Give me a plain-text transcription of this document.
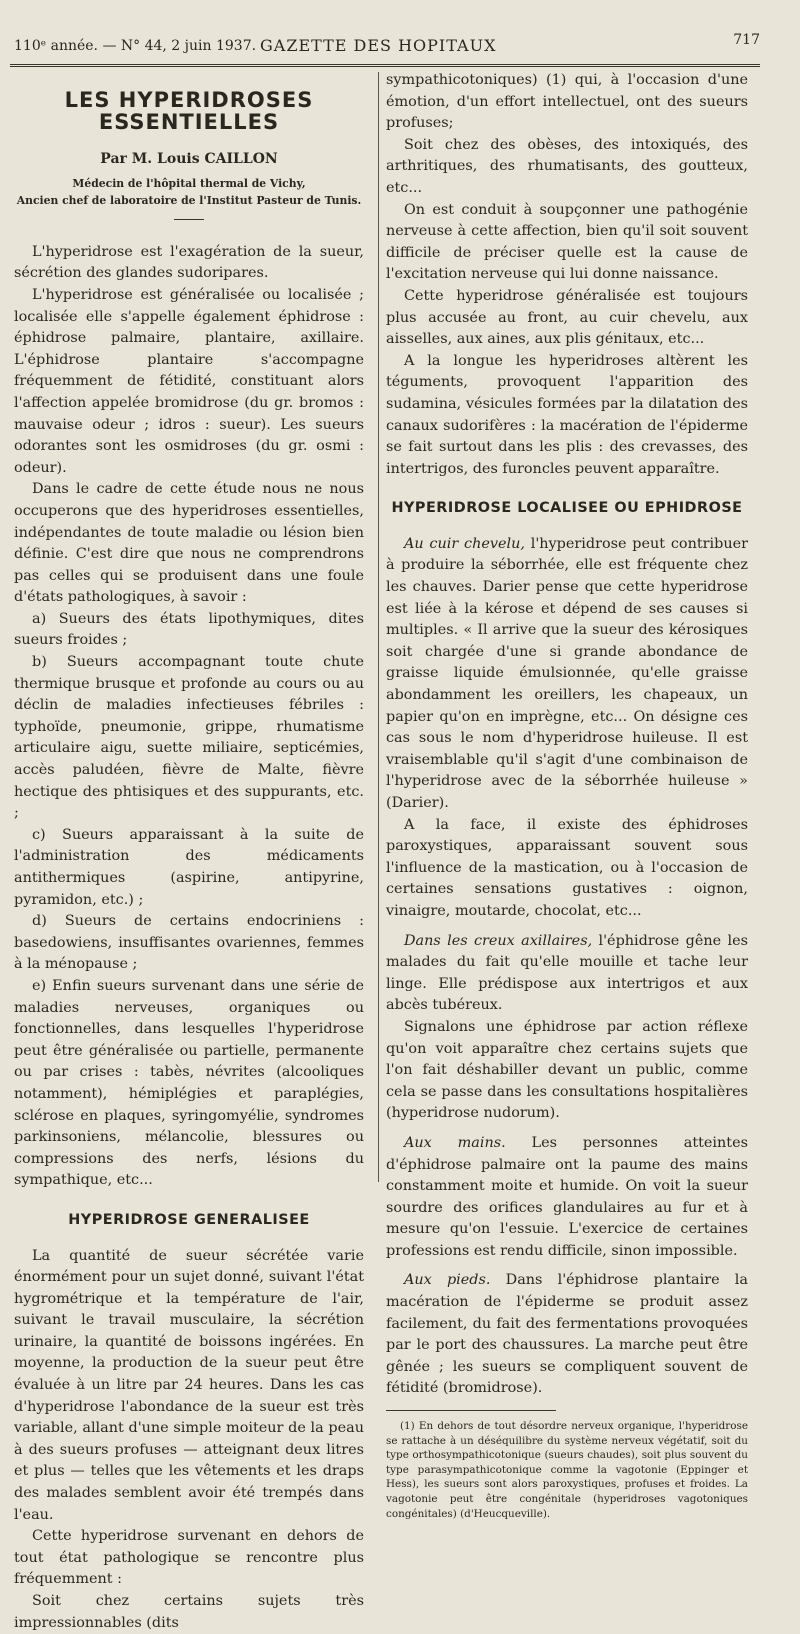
110ᵉ année. — N° 44, 2 juin 1937. GAZETTE DES HOPITAUX	717
LES HYPERIDROSES ESSENTIELLES
Par M. Louis CAILLON
Médecin de l'hôpital thermal de Vichy,
Ancien chef de laboratoire de l'Institut Pasteur de Tunis.

L'hyperidrose est l'exagération de la sueur, sécrétion des glandes sudoripares.

L'hyperidrose est généralisée ou localisée ; localisée elle s'appelle également éphidrose : éphidrose palmaire, plantaire, axillaire. L'éphidrose plantaire s'accompagne fréquemment de fétidité, constituant alors l'affection appelée bromidrose (du gr. bromos : mauvaise odeur ; idros : sueur). Les sueurs odorantes sont les osmidroses (du gr. osmi : odeur).

Dans le cadre de cette étude nous ne nous occuperons que des hyperidroses essentielles, indépendantes de toute maladie ou lésion bien définie. C'est dire que nous ne comprendrons pas celles qui se produisent dans une foule d'états pathologiques, à savoir :

a) Sueurs des états lipothymiques, dites sueurs froides ;

b) Sueurs accompagnant toute chute thermique brusque et profonde au cours ou au déclin de maladies infectieuses fébriles : typhoïde, pneumonie, grippe, rhumatisme articulaire aigu, suette miliaire, septicémies, accès paludéen, fièvre de Malte, fièvre hectique des phtisiques et des suppurants, etc. ;

c) Sueurs apparaissant à la suite de l'administration des médicaments antithermiques (aspirine, antipyrine, pyramidon, etc.) ;

d) Sueurs de certains endocriniens : basedowiens, insuffisantes ovariennes, femmes à la ménopause ;

e) Enfin sueurs survenant dans une série de maladies nerveuses, organiques ou fonctionnelles, dans lesquelles l'hyperidrose peut être généralisée ou partielle, permanente ou par crises : tabès, névrites (alcooliques notamment), hémiplégies et paraplégies, sclérose en plaques, syringomyélie, syndromes parkinsoniens, mélancolie, blessures ou compressions des nerfs, lésions du sympathique, etc...

HYPERIDROSE GENERALISEE

La quantité de sueur sécrétée varie énormément pour un sujet donné, suivant l'état hygrométrique et la température de l'air, suivant le travail musculaire, la sécrétion urinaire, la quantité de boissons ingérées. En moyenne, la production de la sueur peut être évaluée à un litre par 24 heures. Dans les cas d'hyperidrose l'abondance de la sueur est très variable, allant d'une simple moiteur de la peau à des sueurs profuses — atteignant deux litres et plus — telles que les vêtements et les draps des malades semblent avoir été trempés dans l'eau.

Cette hyperidrose survenant en dehors de tout état pathologique se rencontre plus fréquemment :

Soit chez certains sujets très impressionnables (dits

sympathicotoniques) (1) qui, à l'occasion d'une émotion, d'un effort intellectuel, ont des sueurs profuses;

Soit chez des obèses, des intoxiqués, des arthritiques, des rhumatisants, des goutteux, etc...

On est conduit à soupçonner une pathogénie nerveuse à cette affection, bien qu'il soit souvent difficile de préciser quelle est la cause de l'excitation nerveuse qui lui donne naissance.

Cette hyperidrose généralisée est toujours plus accusée au front, au cuir chevelu, aux aisselles, aux aines, aux plis génitaux, etc...

A la longue les hyperidroses altèrent les téguments, provoquent l'apparition des sudamina, vésicules formées par la dilatation des canaux sudorifères : la macération de l'épiderme se fait surtout dans les plis : des crevasses, des intertrigos, des furoncles peuvent apparaître.

HYPERIDROSE LOCALISEE OU EPHIDROSE

Au cuir chevelu, l'hyperidrose peut contribuer à produire la séborrhée, elle est fréquente chez les chauves. Darier pense que cette hyperidrose est liée à la kérose et dépend de ses causes si multiples. « Il arrive que la sueur des kérosiques soit chargée d'une si grande abondance de graisse liquide émulsionnée, qu'elle graisse abondamment les oreillers, les chapeaux, un papier qu'on en imprègne, etc... On désigne ces cas sous le nom d'hyperidrose huileuse. Il est vraisemblable qu'il s'agit d'une combinaison de l'hyperidrose avec de la séborrhée huileuse » (Darier).

A la face, il existe des éphidroses paroxystiques, apparaissant souvent sous l'influence de la mastication, ou à l'occasion de certaines sensations gustatives : oignon, vinaigre, moutarde, chocolat, etc...

Dans les creux axillaires, l'éphidrose gêne les malades du fait qu'elle mouille et tache leur linge. Elle prédispose aux intertrigos et aux abcès tubéreux.

Signalons une éphidrose par action réflexe qu'on voit apparaître chez certains sujets que l'on fait déshabiller devant un public, comme cela se passe dans les consultations hospitalières (hyperidrose nudorum).

Aux mains. Les personnes atteintes d'éphidrose palmaire ont la paume des mains constamment moite et humide. On voit la sueur sourdre des orifices glandulaires au fur et à mesure qu'on l'essuie. L'exercice de certaines professions est rendu difficile, sinon impossible.

Aux pieds. Dans l'éphidrose plantaire la macération de l'épiderme se produit assez facilement, du fait des fermentations provoquées par le port des chaussures. La marche peut être gênée ; les sueurs se compliquent souvent de fétidité (bromidrose).

(1) En dehors de tout désordre nerveux organique, l'hyperidrose se rattache à un déséquilibre du système nerveux végétatif, soit du type orthosympathicotonique (sueurs chaudes), soit plus souvent du type parasympathicotonique comme la vagotonie (Eppinger et Hess), les sueurs sont alors paroxystiques, profuses et froides. La vagotonie peut être congénitale (hyperidroses vagotoniques congénitales) (d'Heucqueville).
